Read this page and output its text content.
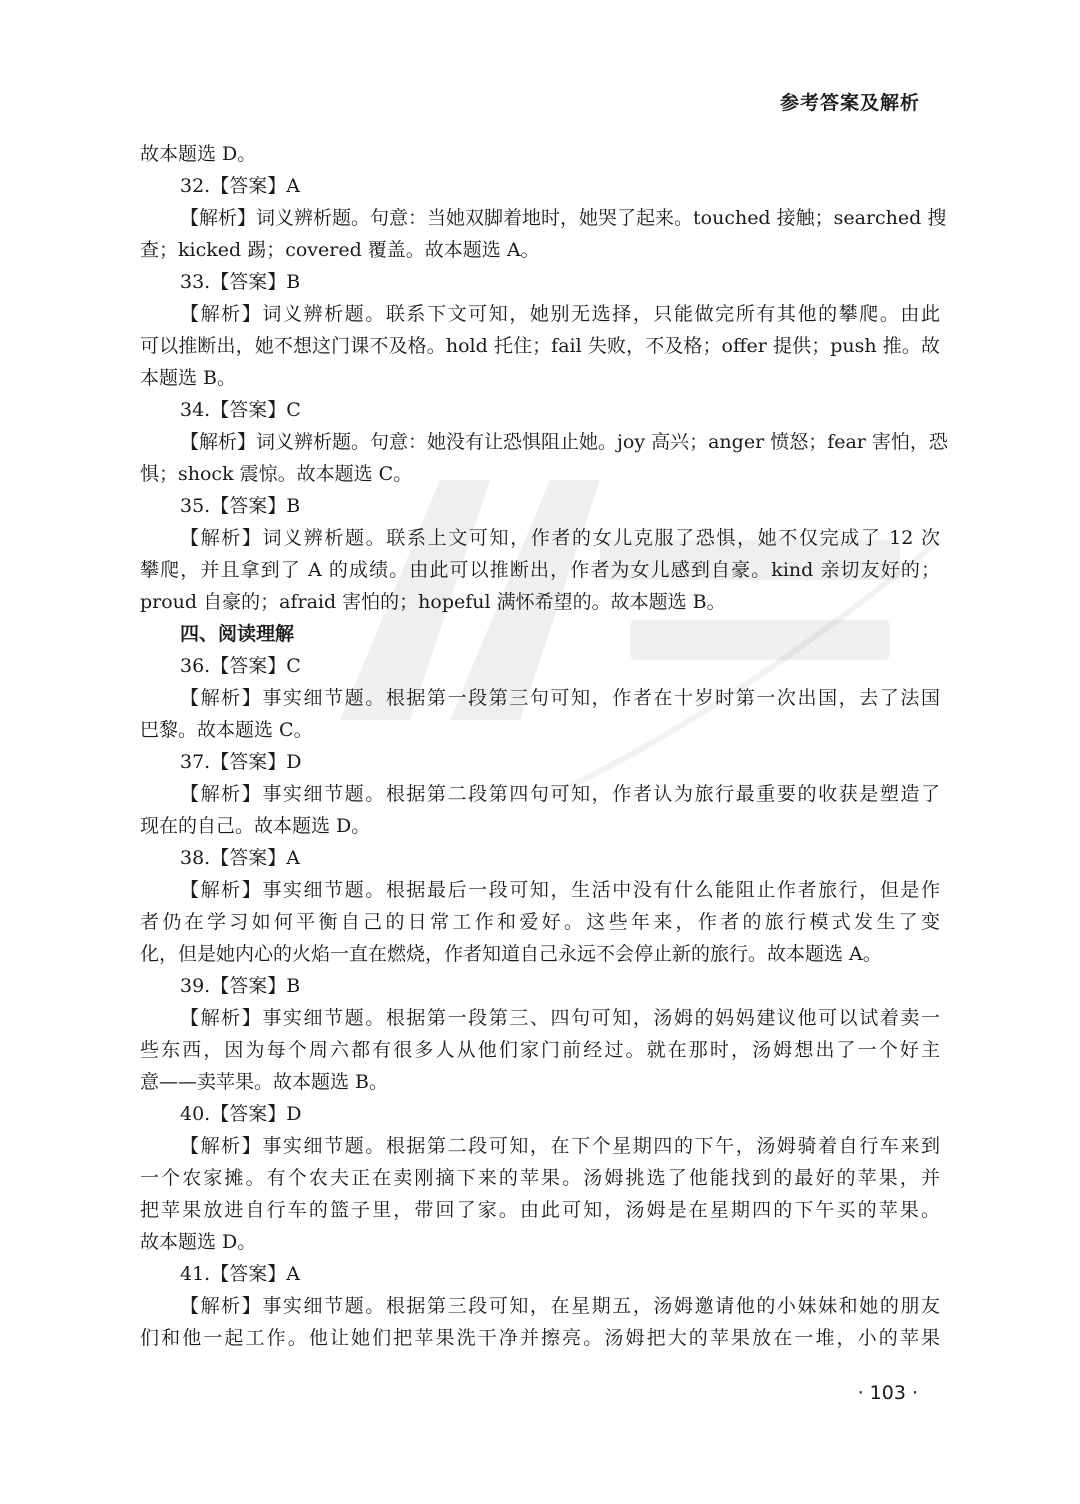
参考答案及解析
故本题选 D。
32.【答案】A
【解析】词义辨析题。句意：当她双脚着地时，她哭了起来。touched 接触；searched 搜
查；kicked 踢；covered 覆盖。故本题选 A。
33.【答案】B
【解析】词义辨析题。联系下文可知，她别无选择，只能做完所有其他的攀爬。由此
可以推断出，她不想这门课不及格。hold 托住；fail 失败，不及格；offer 提供；push 推。故
本题选 B。
34.【答案】C
【解析】词义辨析题。句意：她没有让恐惧阻止她。joy 高兴；anger 愤怒；fear 害怕，恐
惧；shock 震惊。故本题选 C。
35.【答案】B
【解析】词义辨析题。联系上文可知，作者的女儿克服了恐惧，她不仅完成了 12 次
攀爬，并且拿到了 A 的成绩。由此可以推断出，作者为女儿感到自豪。kind 亲切友好的；
proud 自豪的；afraid 害怕的；hopeful 满怀希望的。故本题选 B。
四、阅读理解
36.【答案】C
【解析】事实细节题。根据第一段第三句可知，作者在十岁时第一次出国，去了法国
巴黎。故本题选 C。
37.【答案】D
【解析】事实细节题。根据第二段第四句可知，作者认为旅行最重要的收获是塑造了
现在的自己。故本题选 D。
38.【答案】A
【解析】事实细节题。根据最后一段可知，生活中没有什么能阻止作者旅行，但是作
者仍在学习如何平衡自己的日常工作和爱好。这些年来，作者的旅行模式发生了变
化，但是她内心的火焰一直在燃烧，作者知道自己永远不会停止新的旅行。故本题选 A。
39.【答案】B
【解析】事实细节题。根据第一段第三、四句可知，汤姆的妈妈建议他可以试着卖一
些东西，因为每个周六都有很多人从他们家门前经过。就在那时，汤姆想出了一个好主
意——卖苹果。故本题选 B。
40.【答案】D
【解析】事实细节题。根据第二段可知，在下个星期四的下午，汤姆骑着自行车来到
一个农家摊。有个农夫正在卖刚摘下来的苹果。汤姆挑选了他能找到的最好的苹果，并
把苹果放进自行车的篮子里，带回了家。由此可知，汤姆是在星期四的下午买的苹果。
故本题选 D。
41.【答案】A
【解析】事实细节题。根据第三段可知，在星期五，汤姆邀请他的小妹妹和她的朋友
们和他一起工作。他让她们把苹果洗干净并擦亮。汤姆把大的苹果放在一堆，小的苹果
· 103 ·
